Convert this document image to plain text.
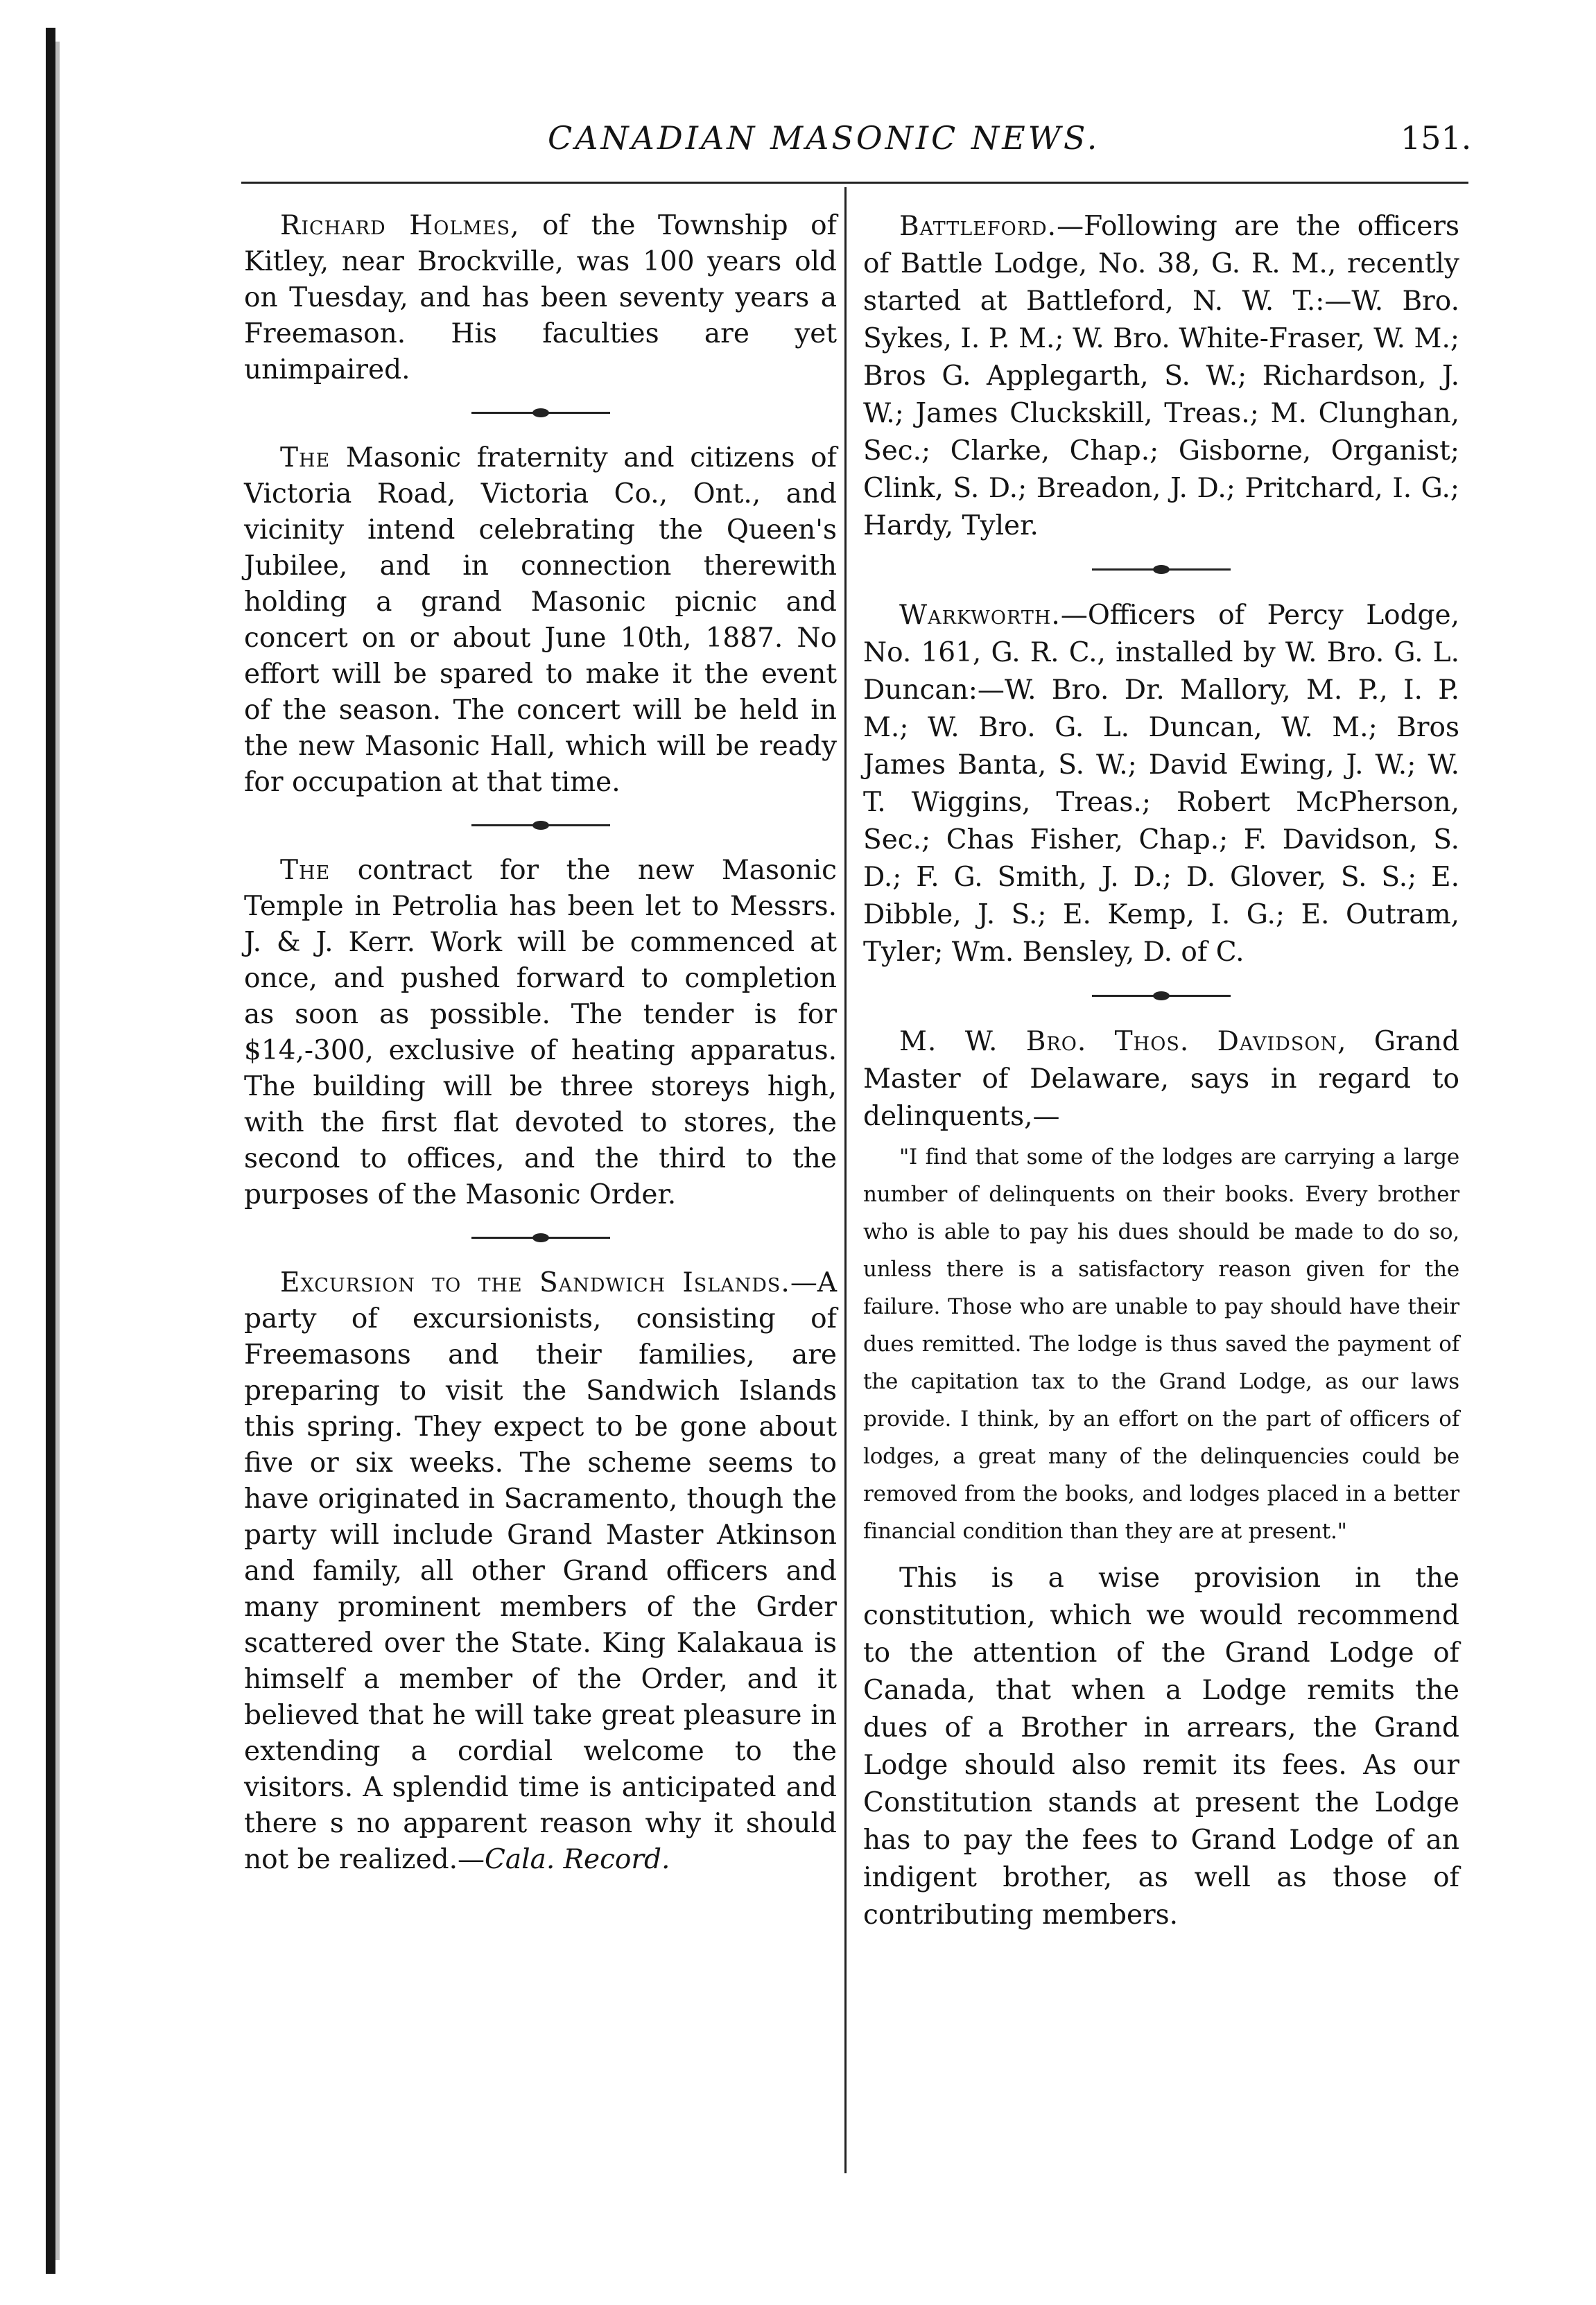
CANADIAN MASONIC NEWS.	151.

Richard Holmes, of the Township of Kitley, near Brockville, was 100 years old on Tuesday, and has been seventy years a Freemason. His faculties are yet unimpaired.

The Masonic fraternity and citizens of Victoria Road, Victoria Co., Ont., and vicinity intend celebrating the Queen's Jubilee, and in connection therewith holding a grand Masonic picnic and concert on or about June 10th, 1887. No effort will be spared to make it the event of the season. The concert will be held in the new Masonic Hall, which will be ready for occupation at that time.

The contract for the new Masonic Temple in Petrolia has been let to Messrs. J. & J. Kerr. Work will be commenced at once, and pushed forward to completion as soon as possible. The tender is for $14,-300, exclusive of heating apparatus. The building will be three storeys high, with the first flat devoted to stores, the second to offices, and the third to the purposes of the Masonic Order.

Excursion to the Sandwich Islands.—A party of excursionists, consisting of Freemasons and their families, are preparing to visit the Sandwich Islands this spring. They expect to be gone about five or six weeks. The scheme seems to have originated in Sacramento, though the party will include Grand Master Atkinson and family, all other Grand officers and many prominent members of the Grder scattered over the State. King Kalakaua is himself a member of the Order, and it believed that he will take great pleasure in extending a cordial welcome to the visitors. A splendid time is anticipated and there s no apparent reason why it should not be realized.—Cala. Record.

Battleford.—Following are the officers of Battle Lodge, No. 38, G. R. M., recently started at Battleford, N. W. T.:—W. Bro. Sykes, I. P. M.; W. Bro. White-Fraser, W. M.; Bros G. Applegarth, S. W.; Richardson, J. W.; James Cluckskill, Treas.; M. Clunghan, Sec.; Clarke, Chap.; Gisborne, Organist; Clink, S. D.; Breadon, J. D.; Pritchard, I. G.; Hardy, Tyler.

Warkworth.—Officers of Percy Lodge, No. 161, G. R. C., installed by W. Bro. G. L. Duncan:—W. Bro. Dr. Mallory, M. P., I. P. M.; W. Bro. G. L. Duncan, W. M.; Bros James Banta, S. W.; David Ewing, J. W.; W. T. Wiggins, Treas.; Robert McPherson, Sec.; Chas Fisher, Chap.; F. Davidson, S. D.; F. G. Smith, J. D.; D. Glover, S. S.; E. Dibble, J. S.; E. Kemp, I. G.; E. Outram, Tyler; Wm. Bensley, D. of C.

M. W. Bro. Thos. Davidson, Grand Master of Delaware, says in regard to delinquents,—

"I find that some of the lodges are carrying a large number of delinquents on their books. Every brother who is able to pay his dues should be made to do so, unless there is a satisfactory reason given for the failure. Those who are unable to pay should have their dues remitted. The lodge is thus saved the payment of the capitation tax to the Grand Lodge, as our laws provide. I think, by an effort on the part of officers of lodges, a great many of the delinquencies could be removed from the books, and lodges placed in a better financial condition than they are at present."

This is a wise provision in the constitution, which we would recommend to the attention of the Grand Lodge of Canada, that when a Lodge remits the dues of a Brother in arrears, the Grand Lodge should also remit its fees. As our Constitution stands at present the Lodge has to pay the fees to Grand Lodge of an indigent brother, as well as those of contributing members.
